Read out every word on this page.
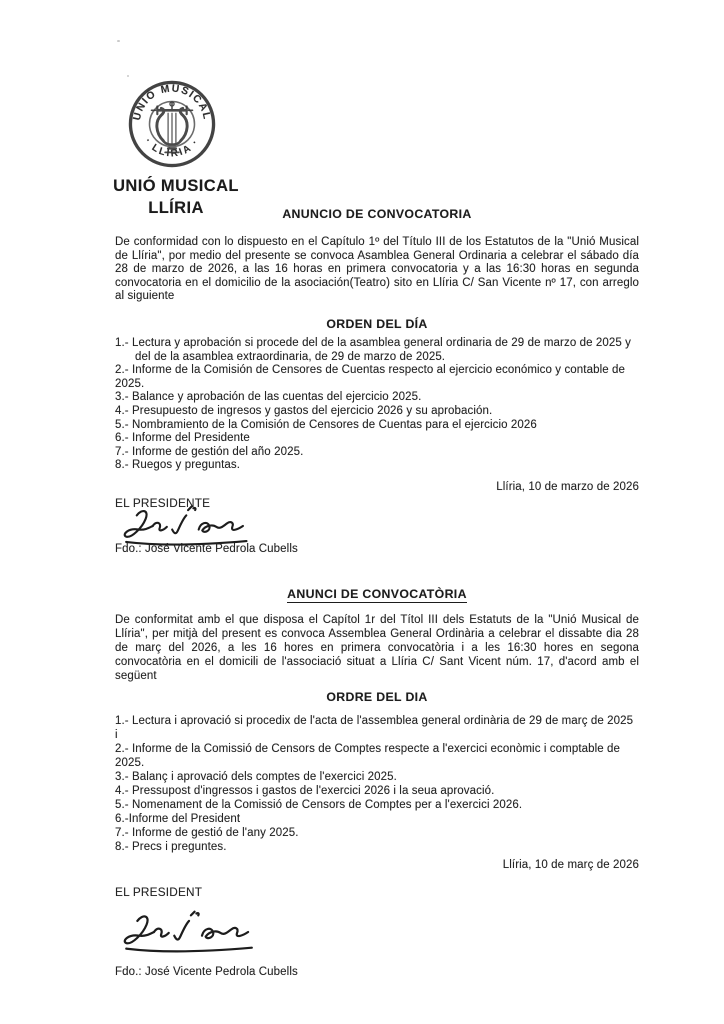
UNIÓ MUSICAL
· LLÍRIA ·
UNIÓ MUSICAL
LLÍRIA	ANUNCIO DE CONVOCATORIA
De conformidad con lo dispuesto en el Capítulo 1º del Título III de los Estatutos de la "Unió Musical de Llíria", por medio del presente se convoca Asamblea General Ordinaria a celebrar el sábado día 28 de marzo de 2026, a las 16 horas en primera convocatoria y a las 16:30 horas en segunda convocatoria en el domicilio de la asociación(Teatro) sito en Llíria C/ San Vicente nº 17, con arreglo al siguiente
ORDEN DEL DÍA
1.- Lectura y aprobación si procede del de la asamblea general ordinaria de 29 de marzo de 2025 y del de la asamblea extraordinaria, de 29 de marzo de 2025.
2.- Informe de la Comisión de Censores de Cuentas respecto al ejercicio económico y contable de 2025.
3.- Balance y aprobación de las cuentas del ejercicio 2025.
4.- Presupuesto de ingresos y gastos del ejercicio 2026 y su aprobación.
5.- Nombramiento de la Comisión de Censores de Cuentas para el ejercicio 2026
6.- Informe del Presidente
7.- Informe de gestión del año 2025.
8.- Ruegos y preguntas.
Llíria, 10 de marzo de 2026
EL PRESIDENTE
Fdo.: José Vicente Pedrola Cubells
ANUNCI DE CONVOCATÒRIA
De conformitat amb el que disposa el Capítol 1r del Títol III dels Estatuts de la "Unió Musical de Llíria", per mitjà del present es convoca Assemblea General Ordinària a celebrar el dissabte dia 28 de març del 2026, a les 16 hores en primera convocatòria i a les 16:30 hores en segona convocatòria en el domicili de l'associació situat a Llíria C/ Sant Vicent núm. 17, d'acord amb el següent
ORDRE DEL DIA
1.- Lectura i aprovació si procedix de l'acta de l'assemblea general ordinària de 29 de març de 2025 i
2.- Informe de la Comissió de Censors de Comptes respecte a l'exercici econòmic i comptable de 2025.
3.- Balanç i aprovació dels comptes de l'exercici 2025.
4.- Pressupost d'ingressos i gastos de l'exercici 2026 i la seua aprovació.
5.- Nomenament de la Comissió de Censors de Comptes per a l'exercici 2026.
6.-Informe del President
7.- Informe de gestió de l'any 2025.
8.- Precs i preguntes.
Llíria, 10 de març de 2026
EL PRESIDENT
Fdo.: José Vicente Pedrola Cubells
